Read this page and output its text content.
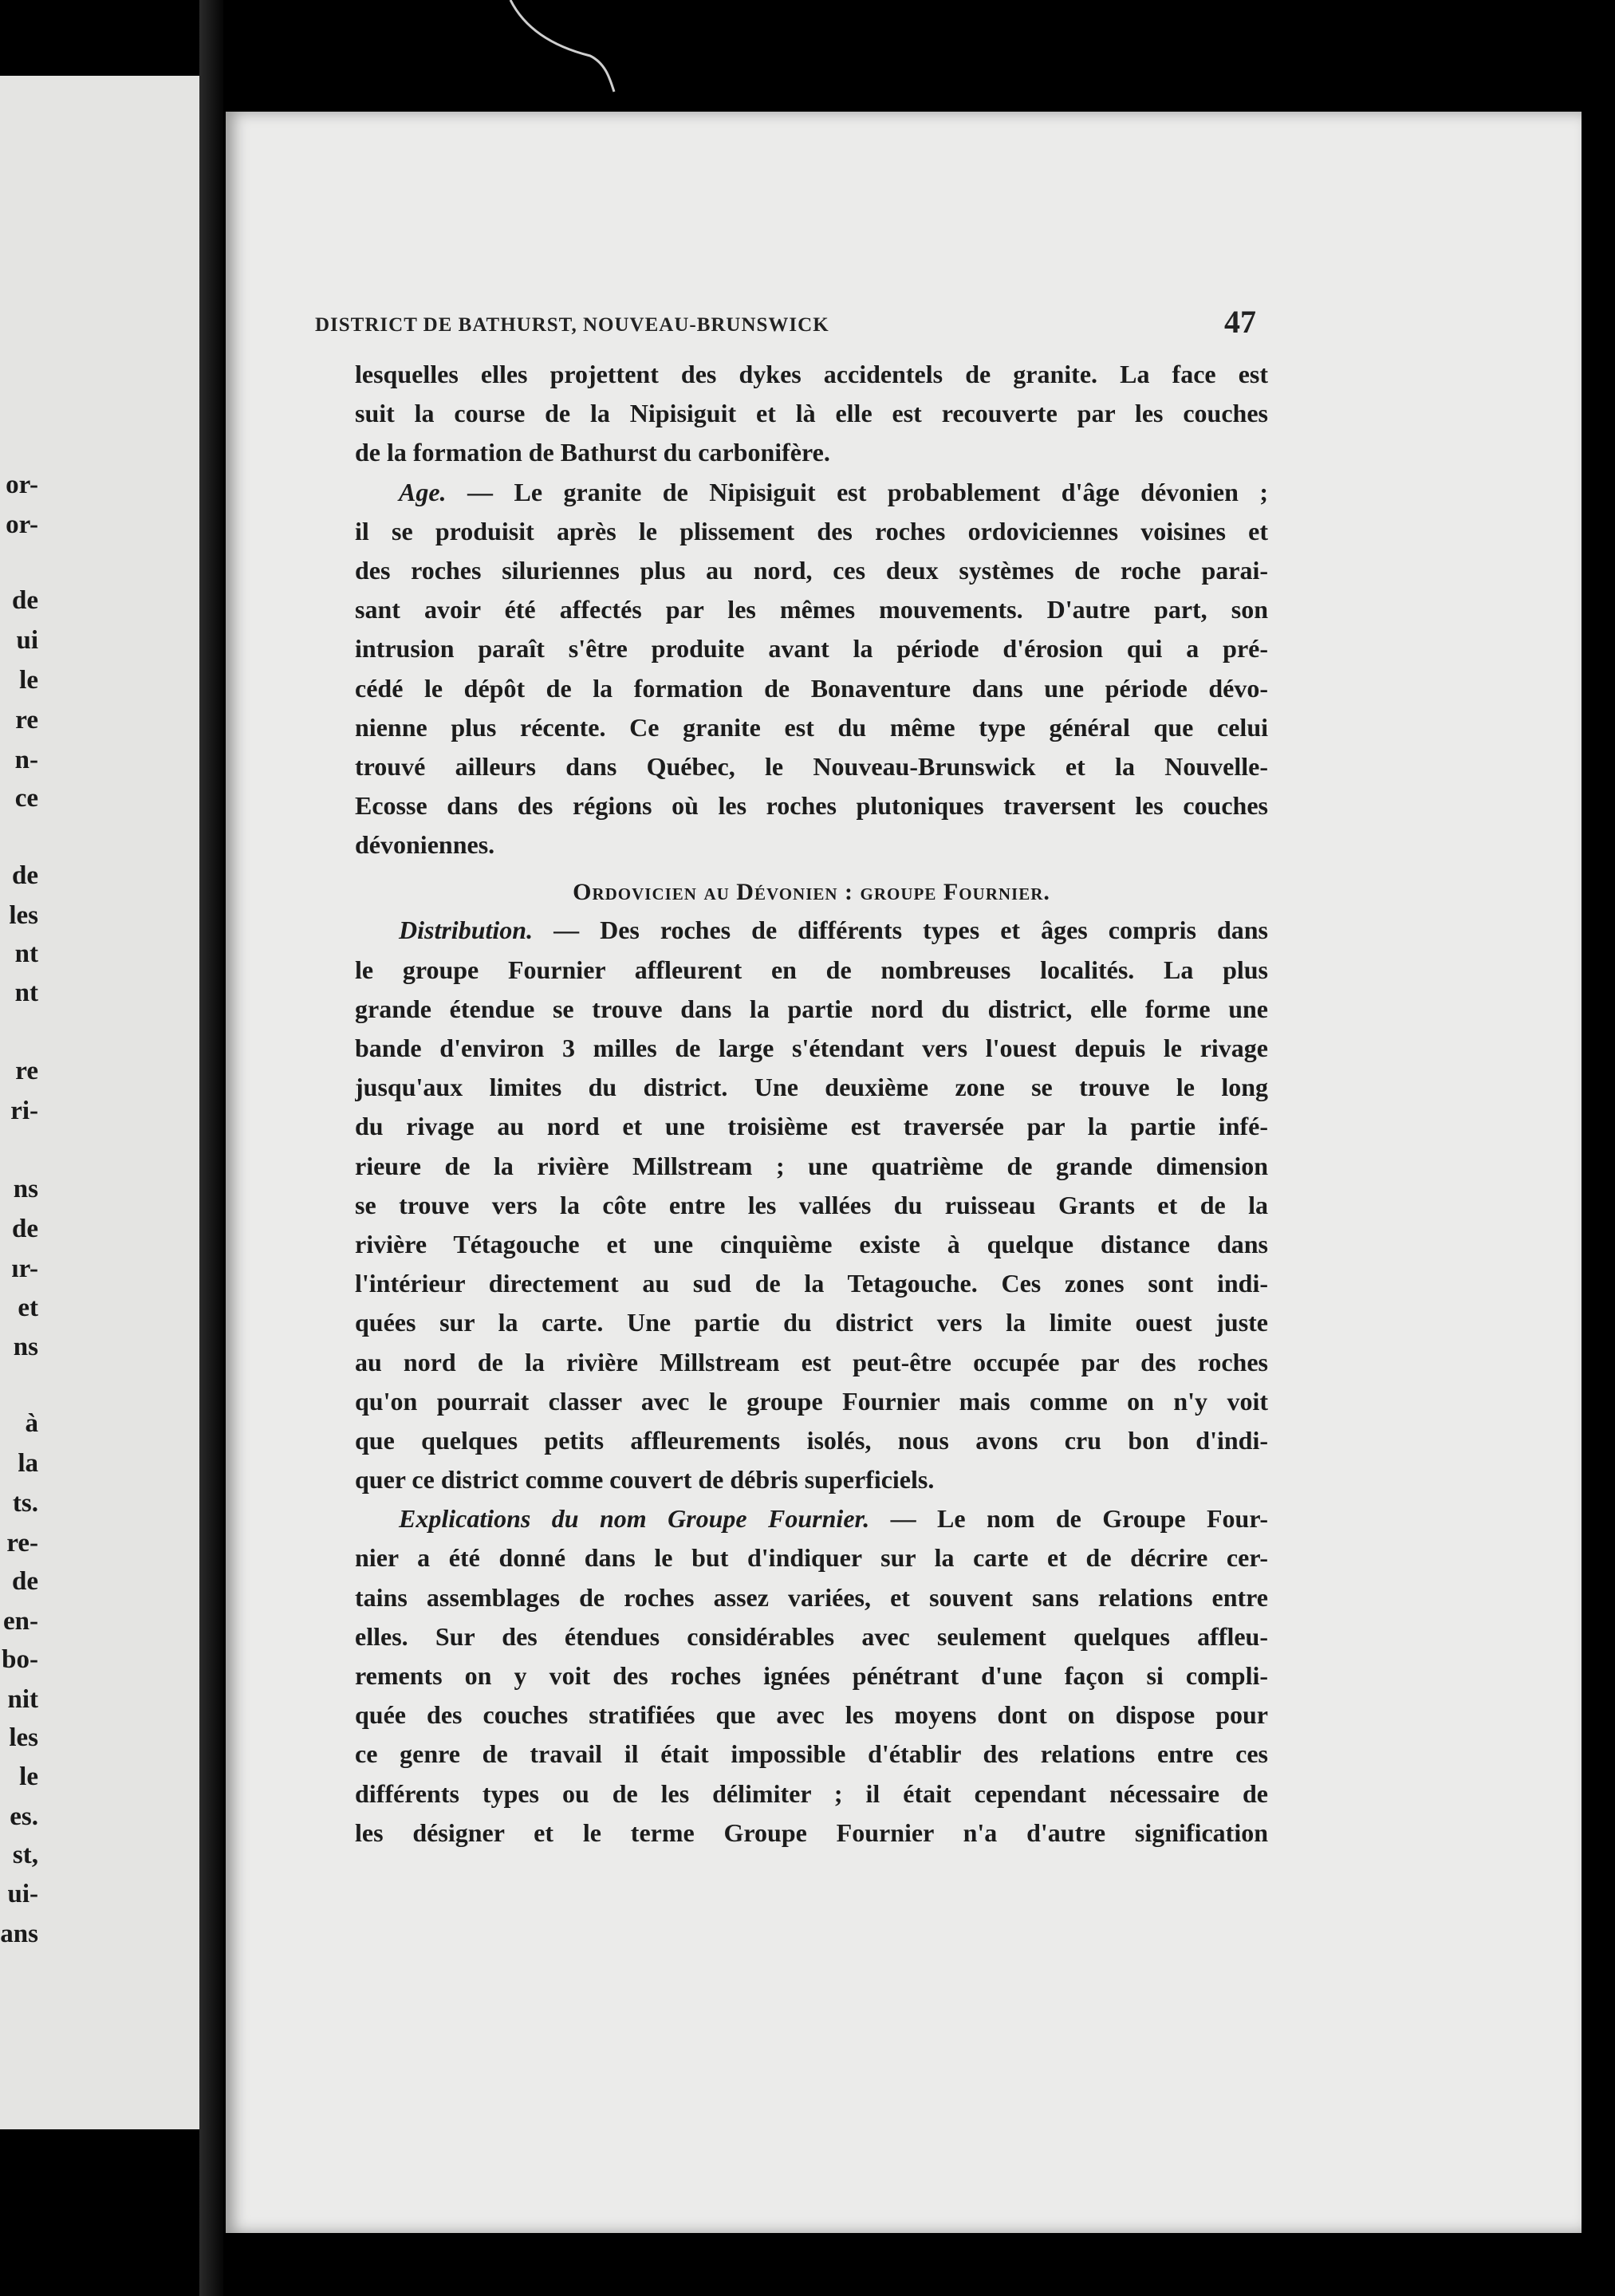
or-
or-
de
ui
le
re
n-
ce
de
les
nt
nt
re
ri-
ns
de
ır-
et
ns
à
la
ts.
re-
de
en-
bo-
nit
les
le
es.
st,
ui-
ans
DISTRICT DE BATHURST, NOUVEAU-BRUNSWICK	47
lesquelles elles projettent des dykes accidentels de granite. La face est
suit la course de la Nipisiguit et là elle est recouverte par les couches
de la formation de Bathurst du carbonifère.
Age. — Le granite de Nipisiguit est probablement d'âge dévonien ;
il se produisit après le plissement des roches ordoviciennes voisines et
des roches siluriennes plus au nord, ces deux systèmes de roche parai-
sant avoir été affectés par les mêmes mouvements. D'autre part, son
intrusion paraît s'être produite avant la période d'érosion qui a pré-
cédé le dépôt de la formation de Bonaventure dans une période dévo-
nienne plus récente. Ce granite est du même type général que celui
trouvé ailleurs dans Québec, le Nouveau-Brunswick et la Nouvelle-
Ecosse dans des régions où les roches plutoniques traversent les couches
dévoniennes.
Ordovicien au Dévonien : groupe Fournier.
Distribution. — Des roches de différents types et âges compris dans
le groupe Fournier affleurent en de nombreuses localités. La plus
grande étendue se trouve dans la partie nord du district, elle forme une
bande d'environ 3 milles de large s'étendant vers l'ouest depuis le rivage
jusqu'aux limites du district. Une deuxième zone se trouve le long
du rivage au nord et une troisième est traversée par la partie infé-
rieure de la rivière Millstream ; une quatrième de grande dimension
se trouve vers la côte entre les vallées du ruisseau Grants et de la
rivière Tétagouche et une cinquième existe à quelque distance dans
l'intérieur directement au sud de la Tetagouche. Ces zones sont indi-
quées sur la carte. Une partie du district vers la limite ouest juste
au nord de la rivière Millstream est peut-être occupée par des roches
qu'on pourrait classer avec le groupe Fournier mais comme on n'y voit
que quelques petits affleurements isolés, nous avons cru bon d'indi-
quer ce district comme couvert de débris superficiels.
Explications du nom Groupe Fournier. — Le nom de Groupe Four-
nier a été donné dans le but d'indiquer sur la carte et de décrire cer-
tains assemblages de roches assez variées, et souvent sans relations entre
elles. Sur des étendues considérables avec seulement quelques affleu-
rements on y voit des roches ignées pénétrant d'une façon si compli-
quée des couches stratifiées que avec les moyens dont on dispose pour
ce genre de travail il était impossible d'établir des relations entre ces
différents types ou de les délimiter ; il était cependant nécessaire de
les désigner et le terme Groupe Fournier n'a d'autre signification
